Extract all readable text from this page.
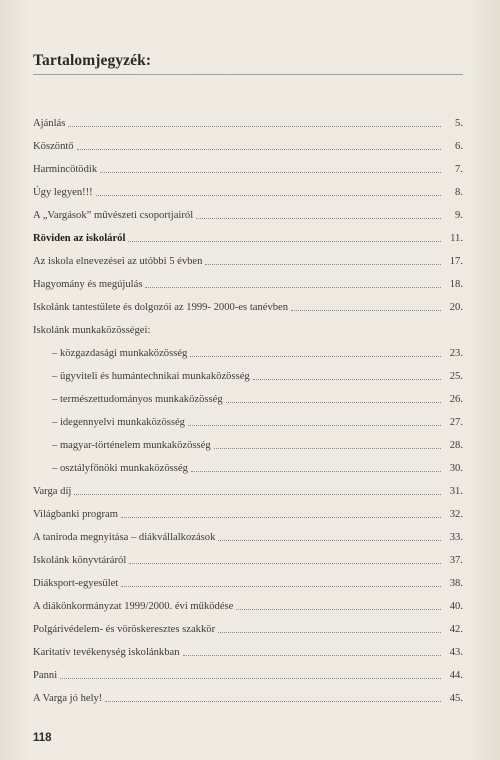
Tartalomjegyzék:
Ajánlás	5.
Köszöntő	6.
Harmincötödik	7.
Úgy legyen!!!	8.
A „Vargások” művészeti csoportjairól	9.
Röviden az iskoláról	11.
Az iskola elnevezései az utóbbi 5 évben	17.
Hagyomány és megújulás	18.
Iskolánk tantestülete és dolgozói az 1999- 2000-es tanévben	20.
Iskolánk munkaközösségei:
– közgazdasági munkaközösség	23.
– ügyviteli és humántechnikai munkaközösség	25.
– természettudományos munkaközösség	26.
– idegennyelvi munkaközösség	27.
– magyar-történelem munkaközösség	28.
– osztályfőnöki munkaközösség	30.
Varga díj	31.
Világbanki program	32.
A taniroda megnyitása – diákvállalkozások	33.
Iskolánk könyvtáráról	37.
Diáksport-egyesület	38.
A diákönkormányzat 1999/2000. évi működése	40.
Polgárivédelem- és vöröskeresztes szakkör	42.
Karitatív tevékenység iskolánkban	43.
Panni	44.
A Varga jó hely!	45.
118
